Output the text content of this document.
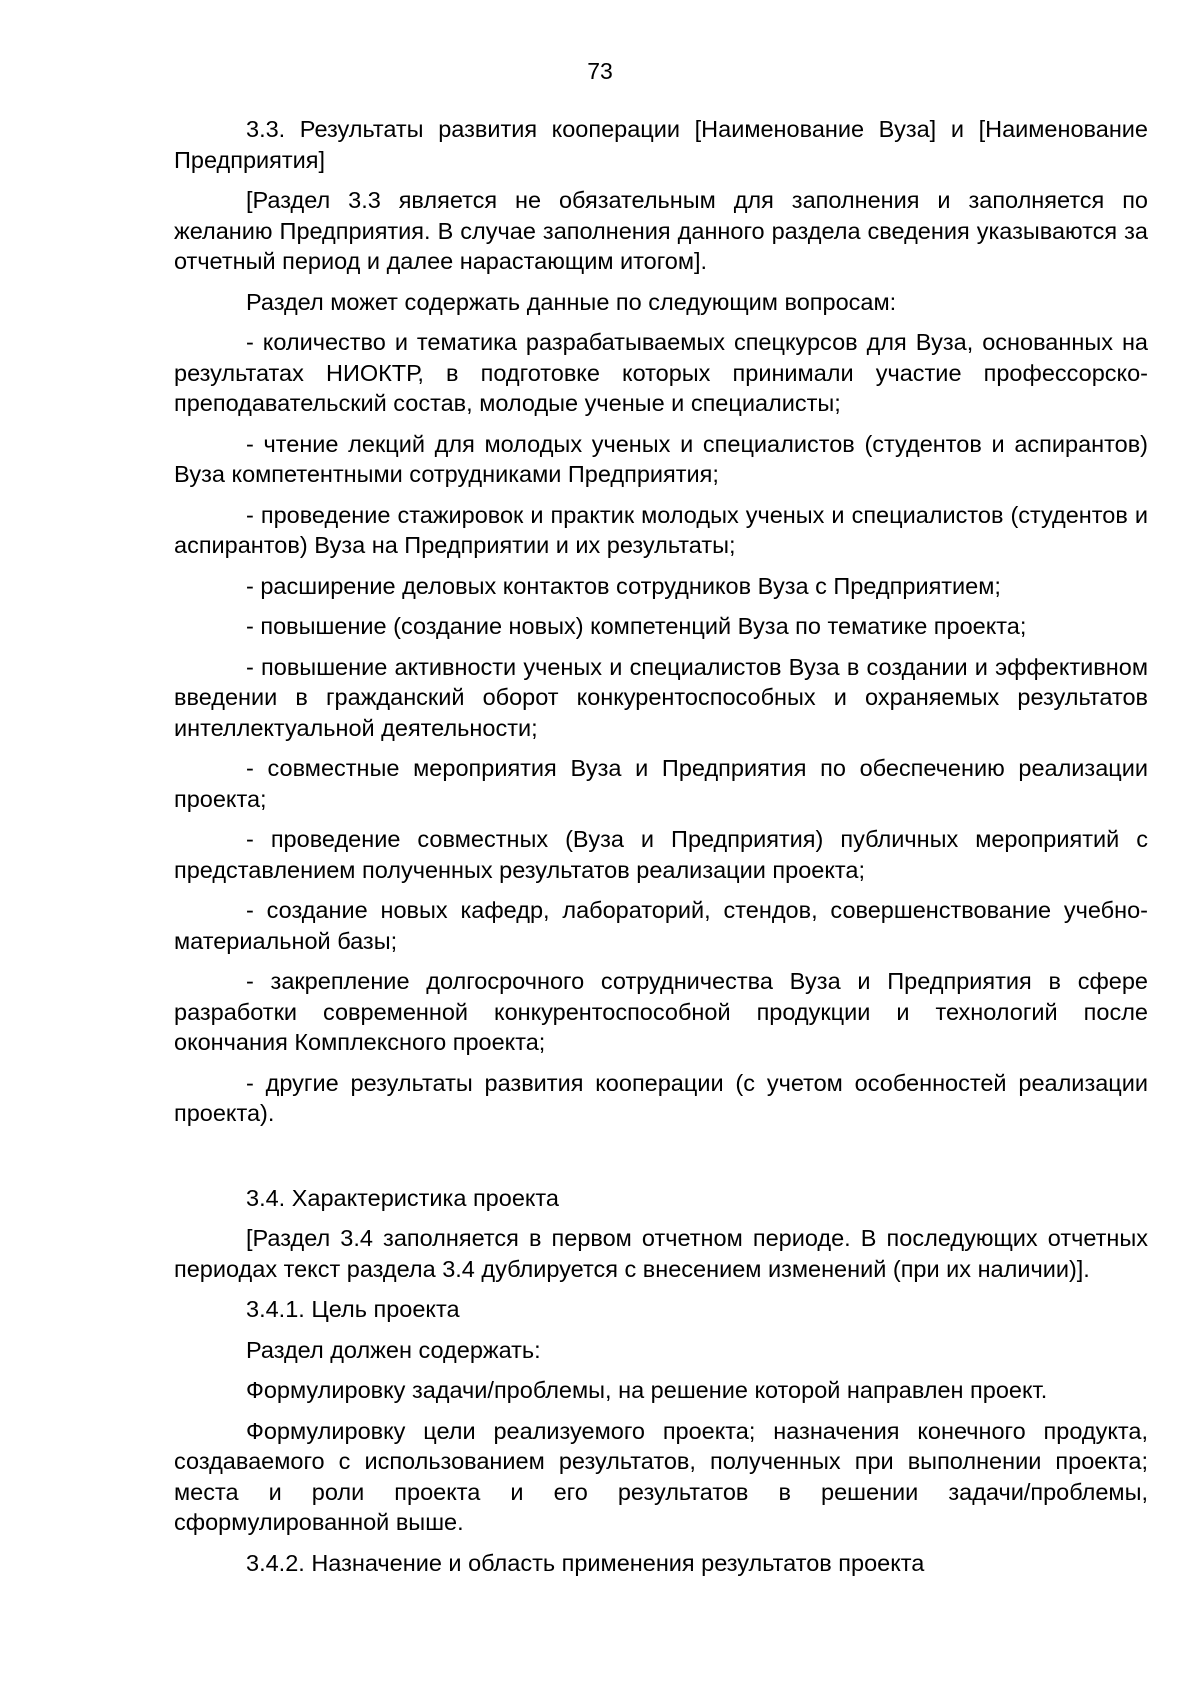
73

3.3. Результаты развития кооперации [Наименование Вуза] и [Наименование Предприятия]

[Раздел 3.3 является не обязательным для заполнения и заполняется по желанию Предприятия. В случае заполнения данного раздела сведения указываются за отчетный период и далее нарастающим итогом].

Раздел может содержать данные по следующим вопросам:

- количество и тематика разрабатываемых спецкурсов для Вуза, основанных на результатах НИОКТР, в подготовке которых принимали участие профессорско-преподавательский состав, молодые ученые и специалисты;

- чтение лекций для молодых ученых и специалистов (студентов и аспирантов) Вуза компетентными сотрудниками Предприятия;

- проведение стажировок и практик молодых ученых и специалистов (студентов и аспирантов) Вуза на Предприятии и их результаты;

- расширение деловых контактов сотрудников Вуза с Предприятием;

- повышение (создание новых) компетенций Вуза по тематике проекта;

- повышение активности ученых и специалистов Вуза в создании и эффективном введении в гражданский оборот конкурентоспособных и охраняемых результатов интеллектуальной деятельности;

- совместные мероприятия Вуза и Предприятия по обеспечению реализации проекта;

- проведение совместных (Вуза и Предприятия) публичных мероприятий с представлением полученных результатов реализации проекта;

- создание новых кафедр, лабораторий, стендов, совершенствование учебно-материальной базы;

- закрепление долгосрочного сотрудничества Вуза и Предприятия в сфере разработки современной конкурентоспособной продукции и технологий после окончания Комплексного проекта;

- другие результаты развития кооперации (с учетом особенностей реализации проекта).

3.4. Характеристика проекта

[Раздел 3.4 заполняется в первом отчетном периоде. В последующих отчетных периодах текст раздела 3.4 дублируется с внесением изменений (при их наличии)].

3.4.1. Цель проекта

Раздел должен содержать:

Формулировку задачи/проблемы, на решение которой направлен проект.

Формулировку цели реализуемого проекта; назначения конечного продукта, создаваемого с использованием результатов, полученных при выполнении проекта; места и роли проекта и его результатов в решении задачи/проблемы, сформулированной выше.

3.4.2. Назначение и область применения результатов проекта
